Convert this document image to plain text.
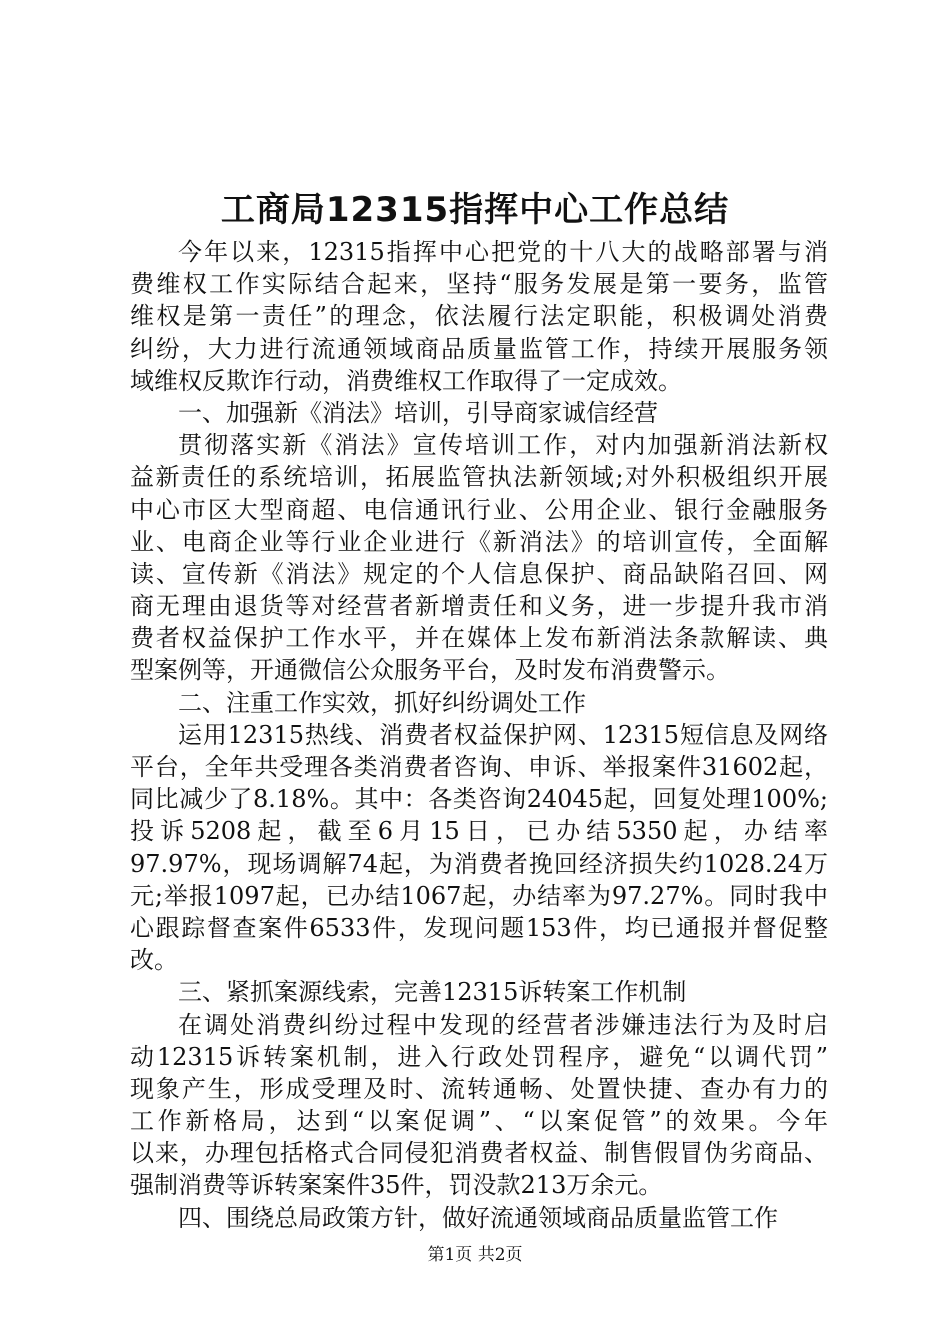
工商局12315指挥中心工作总结
今年以来，12315指挥中心把党的十八大的战略部署与消
费维权工作实际结合起来，坚持“服务发展是第一要务，监管
维权是第一责任”的理念，依法履行法定职能，积极调处消费
纠纷，大力进行流通领域商品质量监管工作，持续开展服务领
域维权反欺诈行动，消费维权工作取得了一定成效。
一、加强新《消法》培训，引导商家诚信经营
贯彻落实新《消法》宣传培训工作，对内加强新消法新权
益新责任的系统培训，拓展监管执法新领域;对外积极组织开展
中心市区大型商超、电信通讯行业、公用企业、银行金融服务
业、电商企业等行业企业进行《新消法》的培训宣传，全面解
读、宣传新《消法》规定的个人信息保护、商品缺陷召回、网
商无理由退货等对经营者新增责任和义务，进一步提升我市消
费者权益保护工作水平，并在媒体上发布新消法条款解读、典
型案例等，开通微信公众服务平台，及时发布消费警示。
二、注重工作实效，抓好纠纷调处工作
运用12315热线、消费者权益保护网、12315短信息及网络
平台，全年共受理各类消费者咨询、申诉、举报案件31602起，
同比减少了8.18%。其中：各类咨询24045起，回复处理100%;
投诉5208起，截至6月15日，已办结5350起，办结率
97.97%，现场调解74起，为消费者挽回经济损失约1028.24万
元;举报1097起，已办结1067起，办结率为97.27%。同时我中
心跟踪督查案件6533件，发现问题153件，均已通报并督促整
改。
三、紧抓案源线索，完善12315诉转案工作机制
在调处消费纠纷过程中发现的经营者涉嫌违法行为及时启
动12315诉转案机制，进入行政处罚程序，避免“以调代罚”
现象产生，形成受理及时、流转通畅、处置快捷、查办有力的
工作新格局，达到“以案促调”、“以案促管”的效果。今年
以来，办理包括格式合同侵犯消费者权益、制售假冒伪劣商品、
强制消费等诉转案案件35件，罚没款213万余元。
四、围绕总局政策方针，做好流通领域商品质量监管工作
第1页 共2页
